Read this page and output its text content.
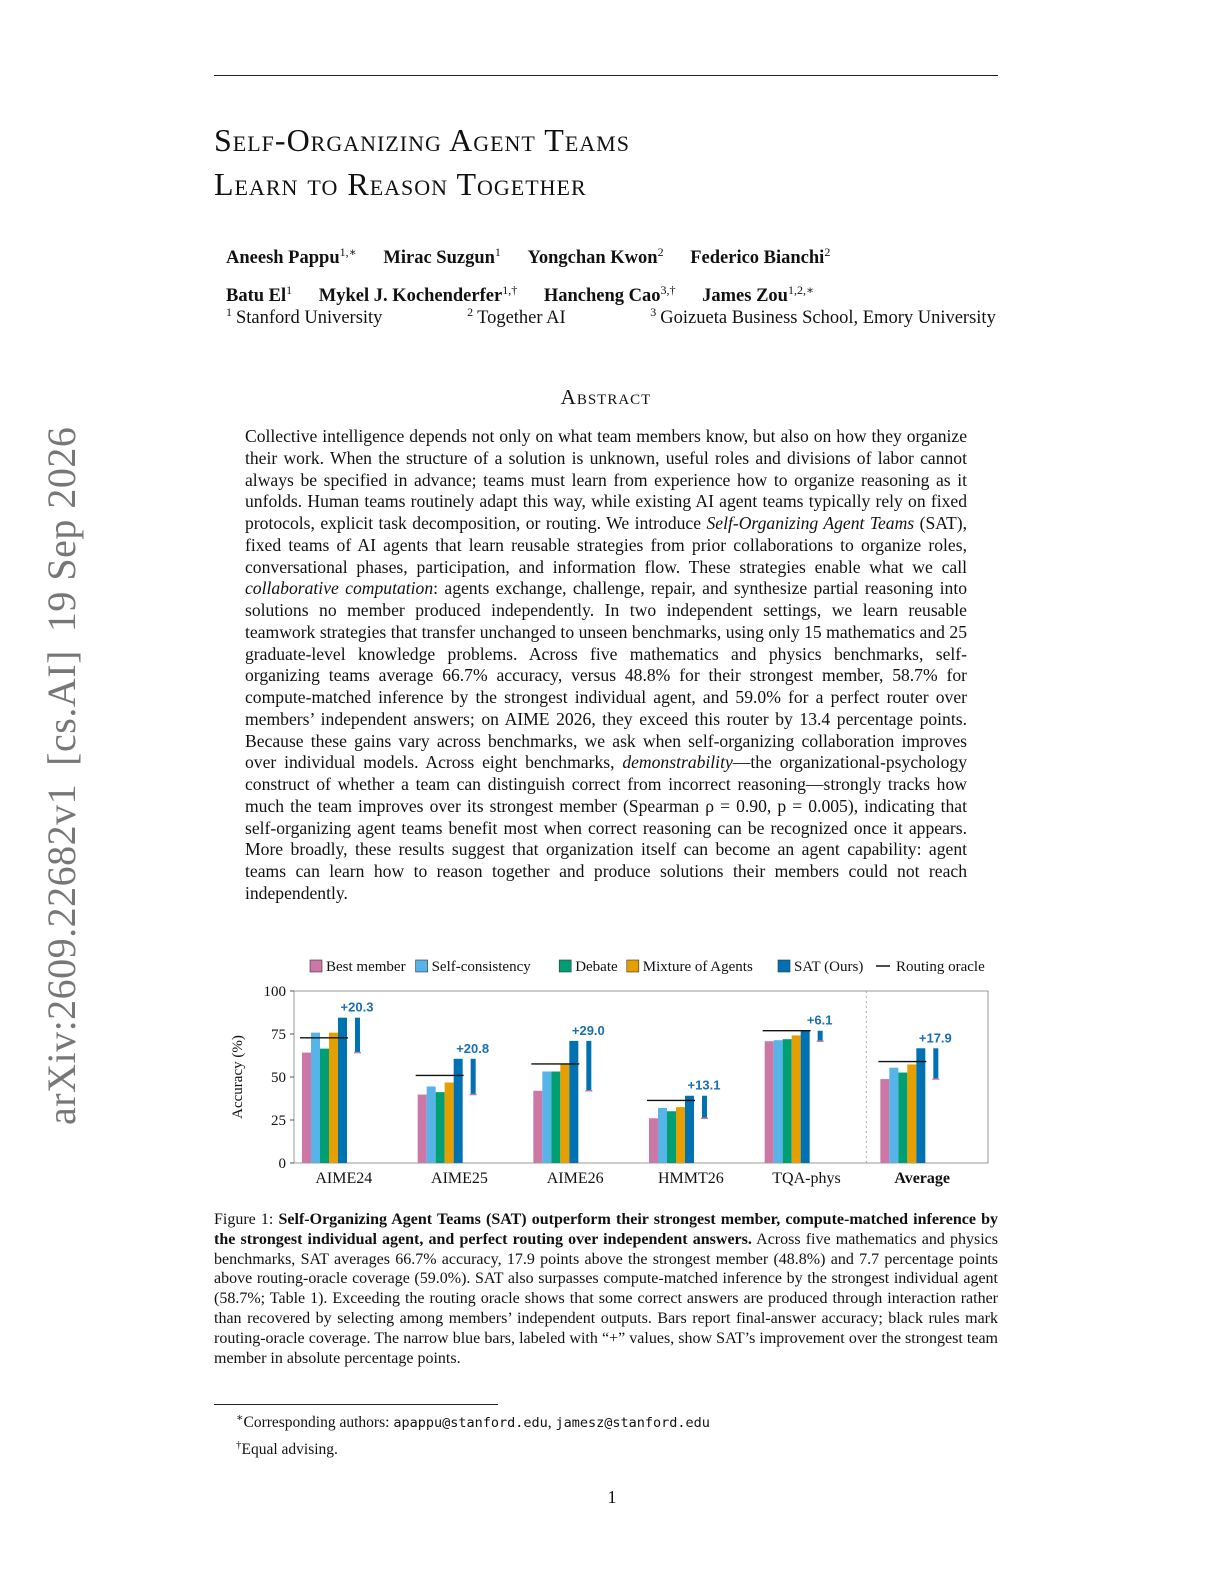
arXiv:2609.22682v1[cs.AI]19 Sep 2026
Self-Organizing Agent Teams
Learn to Reason Together
Aneesh Pappu$^{1,∗}$ Mirac Suzgun$^1$ Yongchan Kwon$^2$ Federico Bianchi$^2$
Batu El$^1$ Mykel J. Kochenderfer$^{1,\dagger}$ Hancheng Cao$^{3,\dagger}$ James Zou$^{1,2,∗}$
$^1$ Stanford University	$^2$ Together AI	$^3$ Goizueta Business School, Emory University
Abstract

Collective intelligence depends not only on what team members know, but also on how they organize their work. When the structure of a solution is unknown, useful roles and divisions of labor cannot always be specified in advance; teams must learn from experience how to organize reasoning as it unfolds. Human teams routinely adapt this way, while existing AI agent teams typically rely on fixed protocols, explicit task decomposition, or routing. We introduce Self-Organizing Agent Teams (SAT), fixed teams of AI agents that learn reusable strategies from prior collaborations to organize roles, conversational phases, participation, and information flow. These strategies enable what we call collaborative computation: agents exchange, challenge, repair, and synthesize partial reasoning into solutions no member produced independently. In two independent settings, we learn reusable teamwork strategies that transfer unchanged to unseen benchmarks, using only 15 mathematics and 25 graduate-level knowledge problems. Across five mathematics and physics benchmarks, self-organizing teams average 66.7% accuracy, versus 48.8% for their strongest member, 58.7% for compute-matched inference by the strongest individual agent, and 59.0% for a perfect router over members’ independent answers; on AIME 2026, they exceed this router by 13.4 percentage points. Because these gains vary across benchmarks, we ask when self-organizing collaboration improves over individual models. Across eight benchmarks, demonstrability—the organizational-psychology construct of whether a team can distinguish correct from incorrect reasoning—strongly tracks how much the team improves over its strongest member (Spearman ρ = 0.90, p = 0.005), indicating that self-organizing agent teams benefit most when correct reasoning can be recognized once it appears. More broadly, these results suggest that organization itself can become an agent capability: agent teams can learn how to reason together and produce solutions their members could not reach independently.

Best member Self-consistency	Debate Mixture of Agents	SAT (Ours) Routing oracle
0
25
50
75
100
Accuracy (%)
+20.3
AIME24
+20.8
AIME25
+29.0
AIME26
+13.1
HMMT26
+6.1
TQA-phys
+17.9
Average

Figure 1: Self-Organizing Agent Teams (SAT) outperform their strongest member, compute-matched inference by the strongest individual agent, and perfect routing over independent answers. Across five mathematics and physics benchmarks, SAT averages 66.7% accuracy, 17.9 points above the strongest member (48.8%) and 7.7 percentage points above routing-oracle coverage (59.0%). SAT also surpasses compute-matched inference by the strongest individual agent (58.7%; Table 1). Exceeding the routing oracle shows that some correct answers are produced through interaction rather than recovered by selecting among members’ independent outputs. Bars report final-answer accuracy; black rules mark routing-oracle coverage. The narrow blue bars, labeled with “+” values, show SAT’s improvement over the strongest team member in absolute percentage points.

∗Corresponding authors: apappu@stanford.edu, jamesz@stanford.edu
†Equal advising.
1
